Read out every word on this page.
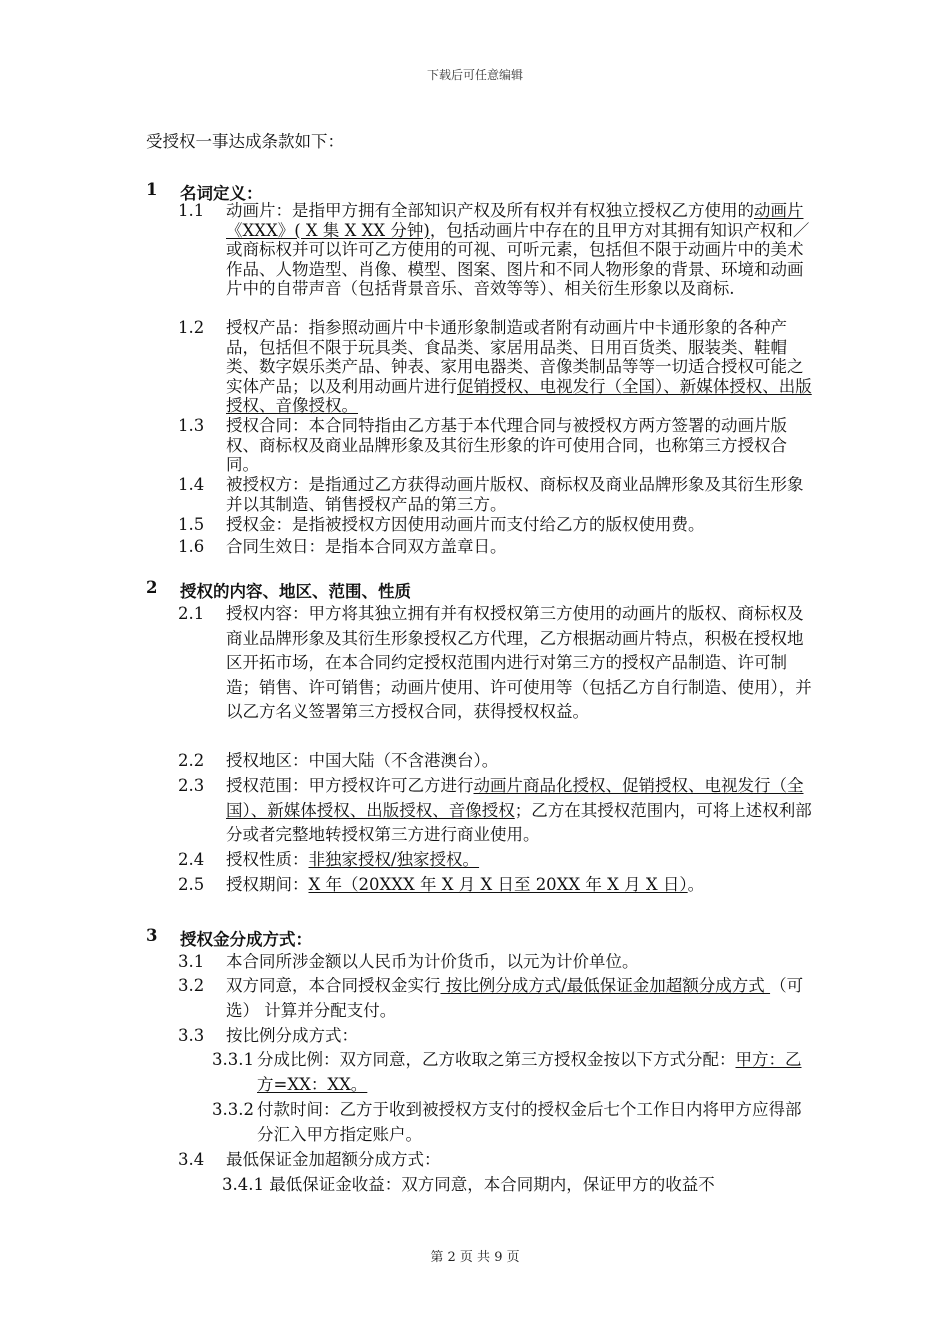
下载后可任意编辑
受授权一事达成条款如下：
1 名词定义：
1.1	动画片：是指甲方拥有全部知识产权及所有权并有权独立授权乙方使用的动画片《XXX》( X 集 X XX 分钟)，包括动画片中存在的且甲方对其拥有知识产权和／或商标权并可以许可乙方使用的可视、可听元素，包括但不限于动画片中的美术作品、人物造型、肖像、模型、图案、图片和不同人物形象的背景、环境和动画片中的自带声音（包括背景音乐、音效等等）、相关衍生形象以及商标.
1.2	授权产品：指参照动画片中卡通形象制造或者附有动画片中卡通形象的各种产品，包括但不限于玩具类、食品类、家居用品类、日用百货类、服装类、鞋帽类、数字娱乐类产品、钟表、家用电器类、音像类制品等等一切适合授权可能之实体产品；以及利用动画片进行促销授权、电视发行（全国）、新媒体授权、出版授权、音像授权。
1.3	授权合同：本合同特指由乙方基于本代理合同与被授权方两方签署的动画片版权、商标权及商业品牌形象及其衍生形象的许可使用合同，也称第三方授权合同。
1.4	被授权方：是指通过乙方获得动画片版权、商标权及商业品牌形象及其衍生形象并以其制造、销售授权产品的第三方。
1.5	授权金：是指被授权方因使用动画片而支付给乙方的版权使用费。
1.6	合同生效日：是指本合同双方盖章日。
2 授权的内容、地区、范围、性质
2.1	授权内容：甲方将其独立拥有并有权授权第三方使用的动画片的版权、商标权及商业品牌形象及其衍生形象授权乙方代理，乙方根据动画片特点，积极在授权地区开拓市场，在本合同约定授权范围内进行对第三方的授权产品制造、许可制造；销售、许可销售；动画片使用、许可使用等（包括乙方自行制造、使用），并以乙方名义签署第三方授权合同，获得授权权益。
2.2	授权地区：中国大陆（不含港澳台）。
2.3	授权范围：甲方授权许可乙方进行动画片商品化授权、促销授权、电视发行（全国）、新媒体授权、出版授权、音像授权；乙方在其授权范围内，可将上述权利部分或者完整地转授权第三方进行商业使用。
2.4	授权性质：非独家授权/独家授权。
2.5	授权期间：X 年（20XXX 年 X 月 X 日至 20XX 年 X 月 X 日）。
3 授权金分成方式：
3.1	本合同所涉金额以人民币为计价货币，以元为计价单位。
3.2	双方同意，本合同授权金实行 按比例分成方式/最低保证金加超额分成方式 （可选） 计算并分配支付。
3.3	按比例分成方式：
3.3.1 分成比例：双方同意，乙方收取之第三方授权金按以下方式分配：甲方：乙方=XX：XX。
3.3.2 付款时间：乙方于收到被授权方支付的授权金后七个工作日内将甲方应得部分汇入甲方指定账户。
3.4	最低保证金加超额分成方式：
3.4.1 最低保证金收益：双方同意，本合同期内，保证甲方的收益不
第 2 页 共 9 页
